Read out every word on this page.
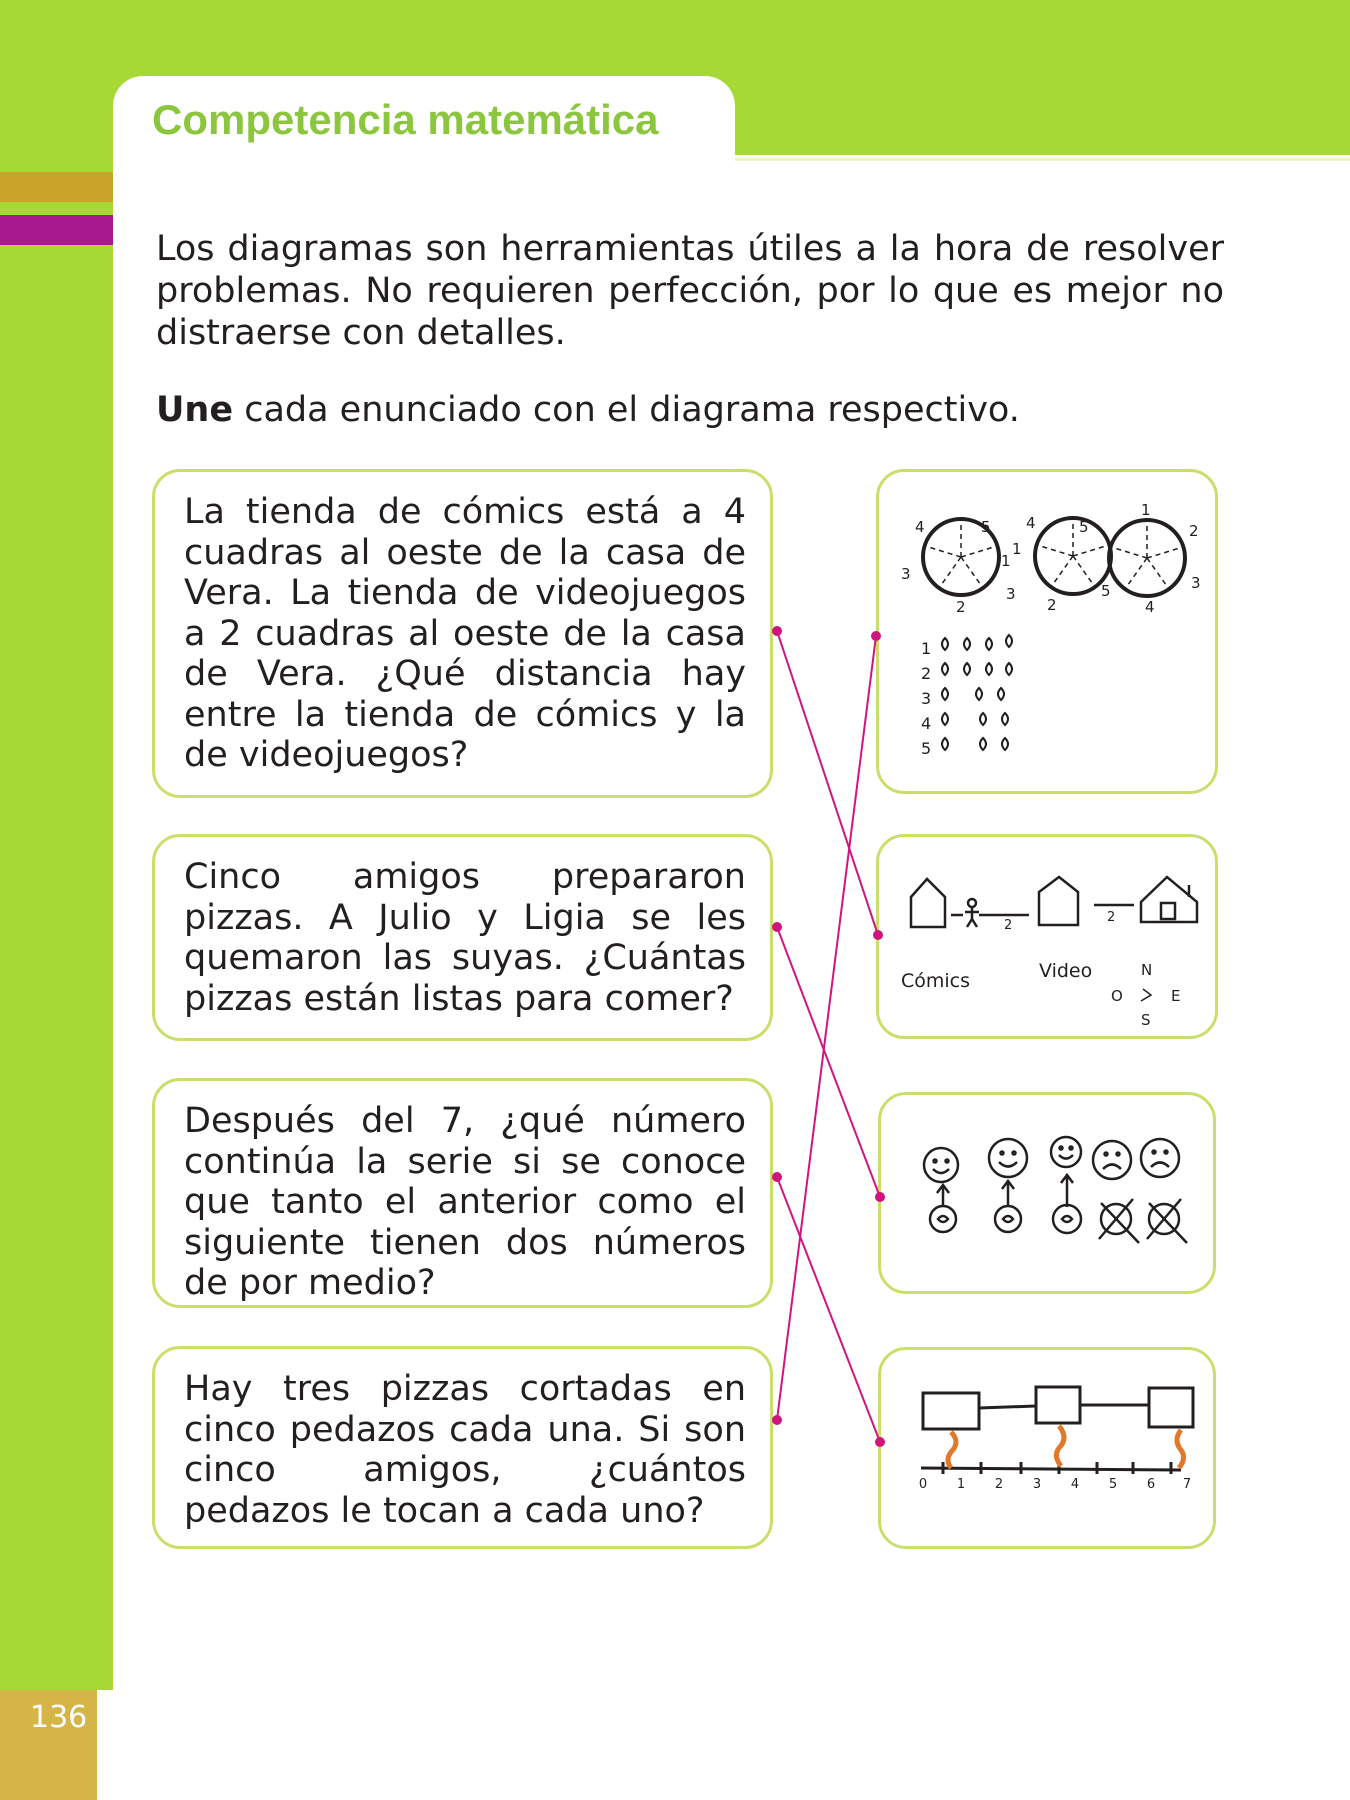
136
Competencia matemática

Los diagramas son herramientas útiles a la hora de resolver problemas. No requieren perfección, por lo que es mejor no distraerse con detalles.

Une cada enunciado con el diagrama respectivo.

La tienda de cómics está a 4 cuadras al oeste de la casa de Vera. La tienda de videojuegos a 2 cuadras al oeste de la casa de Vera. ¿Qué distancia hay entre la tienda de cómics y la de videojuegos?

Cinco amigos prepararon pizzas. A Julio y Ligia se les quemaron las suyas. ¿Cuántas pizzas están listas para comer?

Después del 7, ¿qué número continúa la serie si se conoce que tanto el anterior como el siguiente tienen dos números de por medio?

Hay tres pizzas cortadas en cinco pedazos cada una. Si son cinco amigos, ¿cuántos pedazos le tocan a cada uno?

4	5
1
3
2
4	5
1
3
2
1
2
3
4
5
1
2
3
4
5
2
2
Cómics	Video	N
O	E
S
0 1 2 3 4 5 6 7
